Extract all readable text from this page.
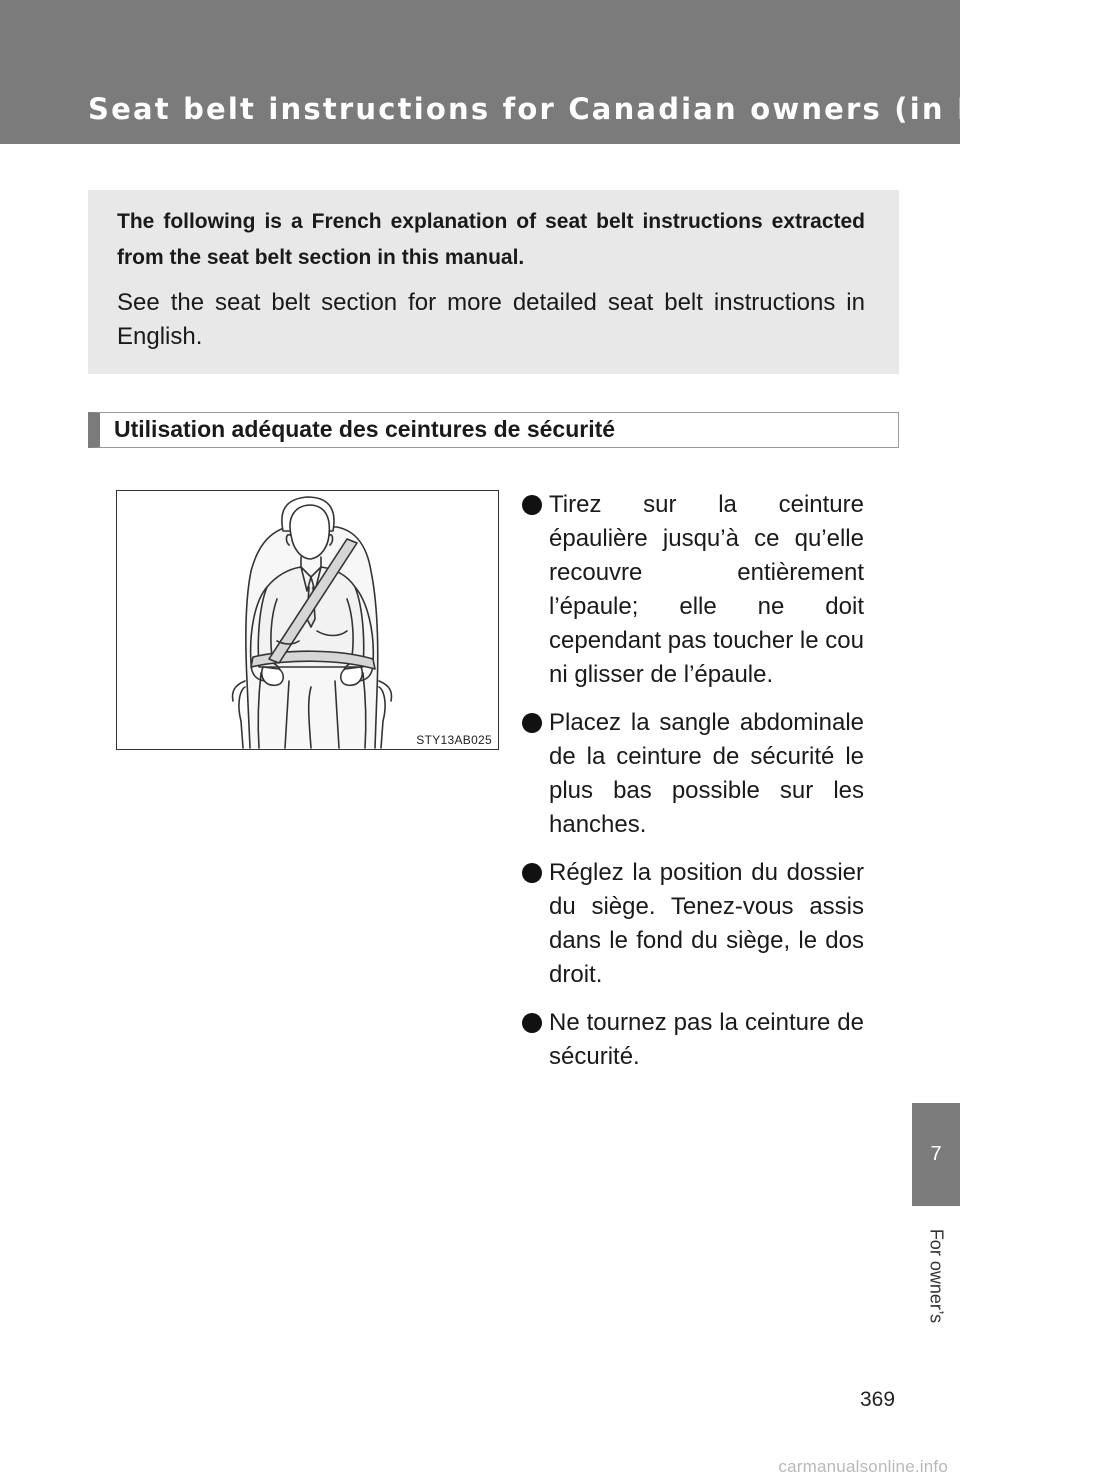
Seat belt instructions for Canadian owners (in French)

The following is a French explanation of seat belt instructions extracted from the seat belt section in this manual.

See the seat belt section for more detailed seat belt instructions in English.

Utilisation adéquate des ceintures de sécurité
STY13AB025
Tirez sur la ceinture épaulière jusqu’à ce qu’elle recouvre entièrement l’épaule; elle ne doit cependant pas toucher le cou ni glisser de l’épaule.
Placez la sangle abdominale de la ceinture de sécurité le plus bas possible sur les hanches.
Réglez la position du dossier du siège. Tenez-vous assis dans le fond du siège, le dos droit.
Ne tournez pas la ceinture de sécurité.
7
For owner’s
369
carmanualsonline.info
